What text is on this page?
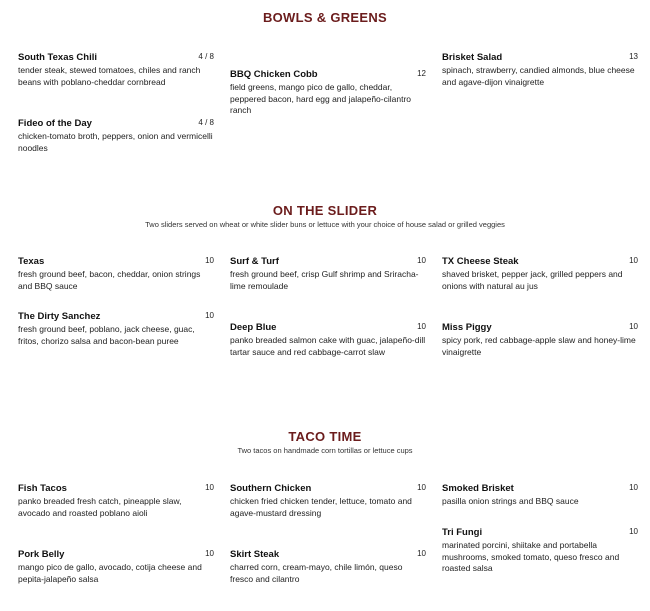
BOWLS & GREENS
South Texas Chili	4 / 8
tender steak, stewed tomatoes, chiles and ranch beans with poblano-cheddar cornbread
Fideo of the Day	4 / 8
chicken-tomato broth, peppers, onion and vermicelli noodles
BBQ Chicken Cobb	12
field greens, mango pico de gallo, cheddar, peppered bacon, hard egg and jalapeño-cilantro ranch
Brisket Salad	13
spinach, strawberry, candied almonds, blue cheese and agave-dijon vinaigrette
ON THE SLIDER
Two sliders served on wheat or white slider buns or lettuce with your choice of house salad or grilled veggies
Texas	10
fresh ground beef, bacon, cheddar, onion strings and BBQ sauce
The Dirty Sanchez	10
fresh ground beef, poblano, jack cheese, guac, fritos, chorizo salsa and bacon-bean puree
Surf & Turf	10
fresh ground beef, crisp Gulf shrimp and Sriracha-lime remoulade
Deep Blue	10
panko breaded salmon cake with guac, jalapeño-dill tartar sauce and red cabbage-carrot slaw
TX Cheese Steak	10
shaved brisket, pepper jack, grilled peppers and onions with natural au jus
Miss Piggy	10
spicy pork, red cabbage-apple slaw and honey-lime vinaigrette
TACO TIME
Two tacos on handmade corn tortillas or lettuce cups
Fish Tacos	10
panko breaded fresh catch, pineapple slaw, avocado and roasted poblano aioli
Pork Belly	10
mango pico de gallo, avocado, cotija cheese and pepita-jalapeño salsa
Southern Chicken	10
chicken fried chicken tender, lettuce, tomato and agave-mustard dressing
Skirt Steak	10
charred corn, cream-mayo, chile limón, queso fresco and cilantro
Smoked Brisket	10
pasilla onion strings and BBQ sauce
Tri Fungi	10
marinated porcini, shiitake and portabella mushrooms, smoked tomato, queso fresco and roasted salsa
